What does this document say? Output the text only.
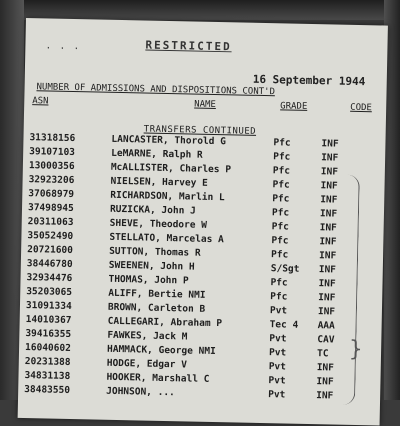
...	RESTRICTED
16 September 1944
NUMBER OF ADMISSIONS AND DISPOSITIONS CONT'D
ASN	NAME	GRADE	CODE
TRANSFERS CONTINUED
31318156	LANCASTER, Thorold G	Pfc	INF
39107103	LeMARNE, Ralph R	Pfc	INF
13000356	McALLISTER, Charles P	Pfc	INF
32923206	NIELSEN, Harvey E	Pfc	INF
37068979	RICHARDSON, Marlin L	Pfc	INF
37498945	RUZICKA, John J	Pfc	INF
20311063	SHEVE, Theodore W	Pfc	INF
35052490	STELLATO, Marcelas A	Pfc	INF
20721600	SUTTON, Thomas R	Pfc	INF
38446780	SWEENEN, John H	S/Sgt	INF
32934476	THOMAS, John P	Pfc	INF
35203065	ALIFF, Bertie NMI	Pfc	INF
31091334	BROWN, Carleton B	Pvt	INF
14010367	CALLEGARI, Abraham P	Tec 4	AAA
39416355	FAWKES, Jack M	Pvt	CAV
16040602	HAMMACK, George NMI	Pvt	TC
20231388	HODGE, Edgar V	Pvt	INF
34831138	HOOKER, Marshall C	Pvt	INF
38483550	JOHNSON, ...	Pvt	INF
}
